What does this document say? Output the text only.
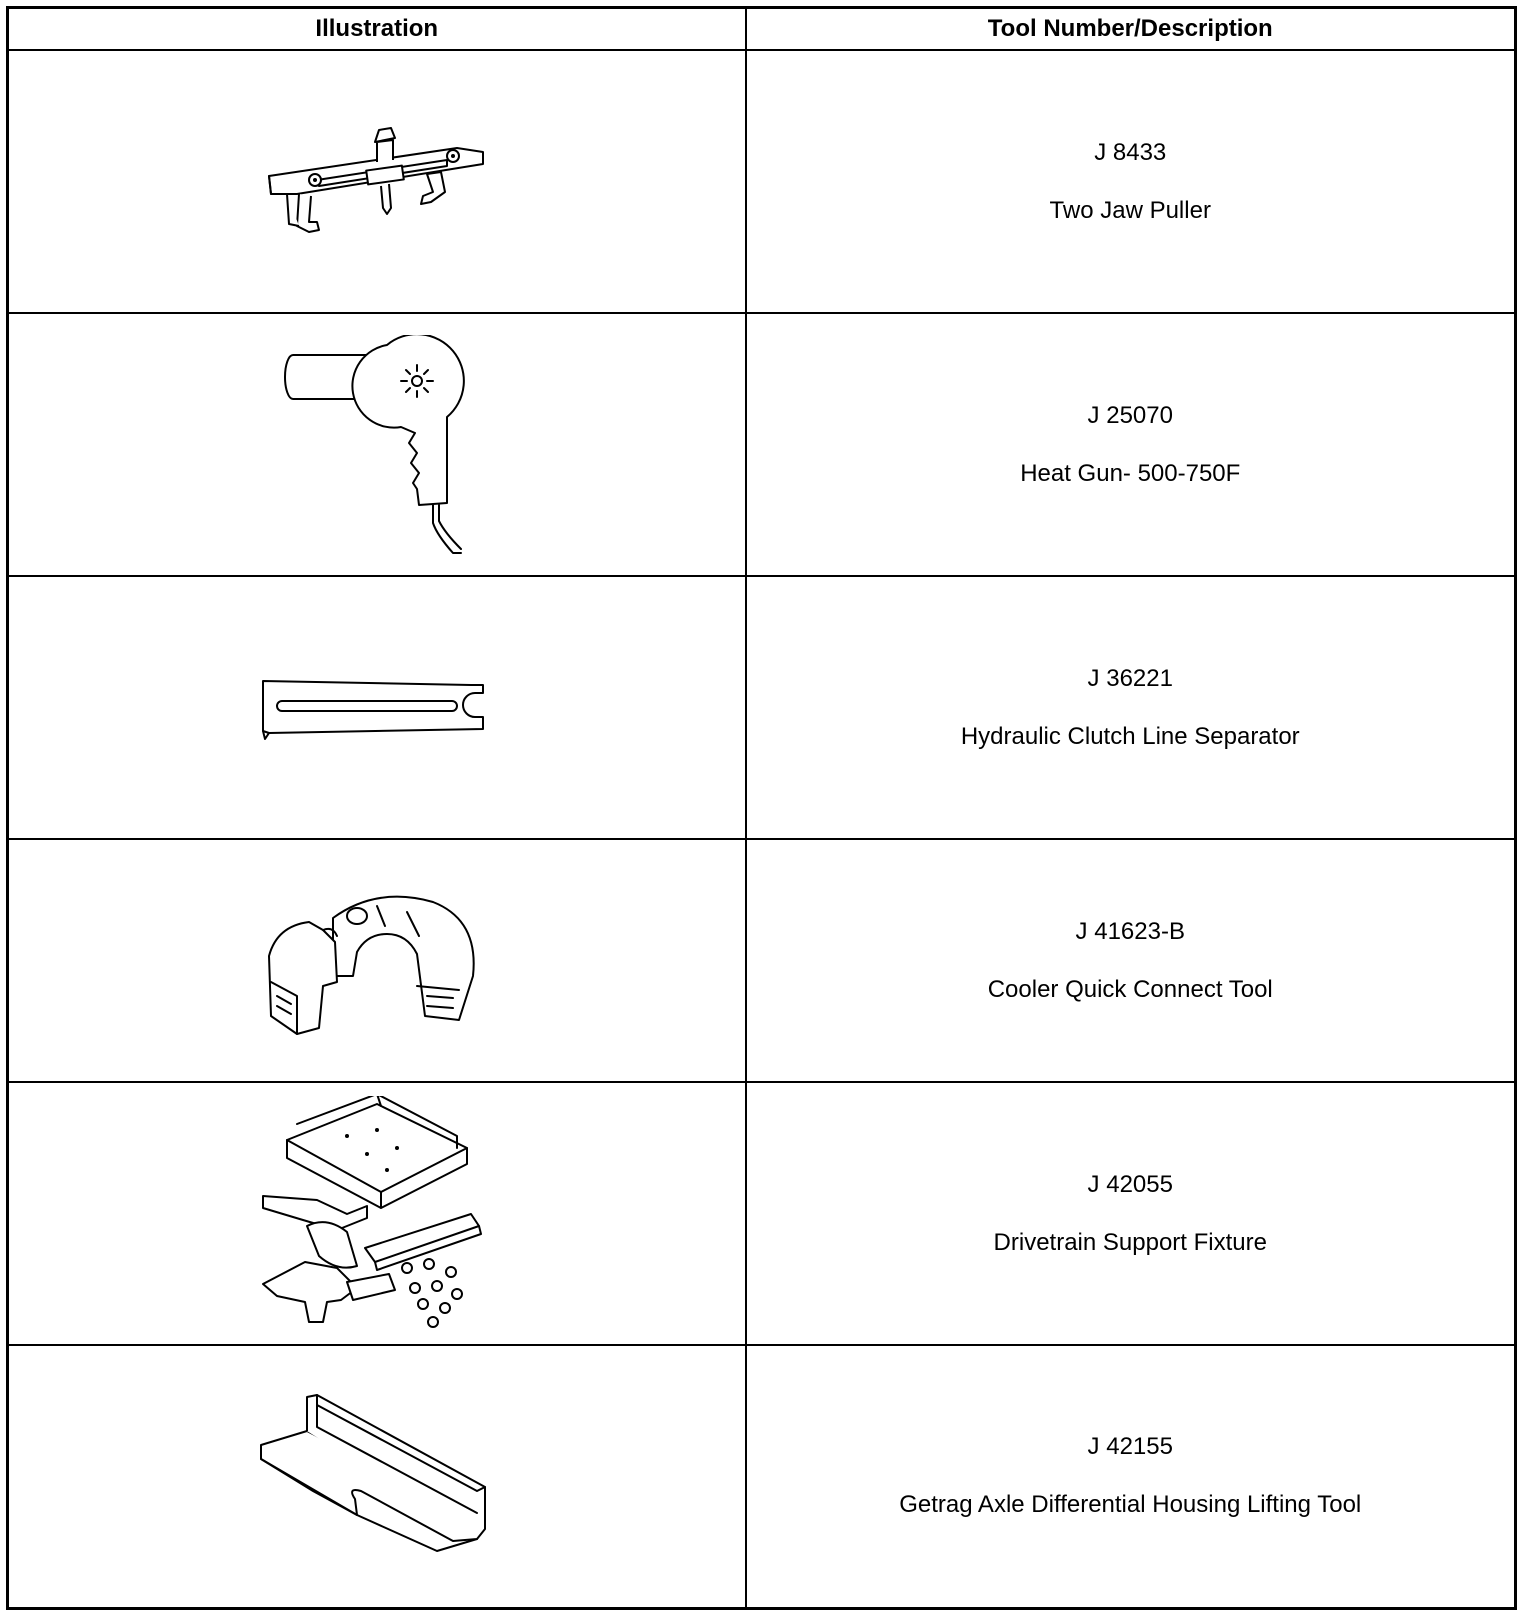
Illustration	Tool Number/Description

J 8433
Two Jaw Puller

J 25070
Heat Gun- 500-750F

J 36221
Hydraulic Clutch Line Separator

J 41623-B
Cooler Quick Connect Tool

J 42055
Drivetrain Support Fixture

J 42155
Getrag Axle Differential Housing Lifting Tool
